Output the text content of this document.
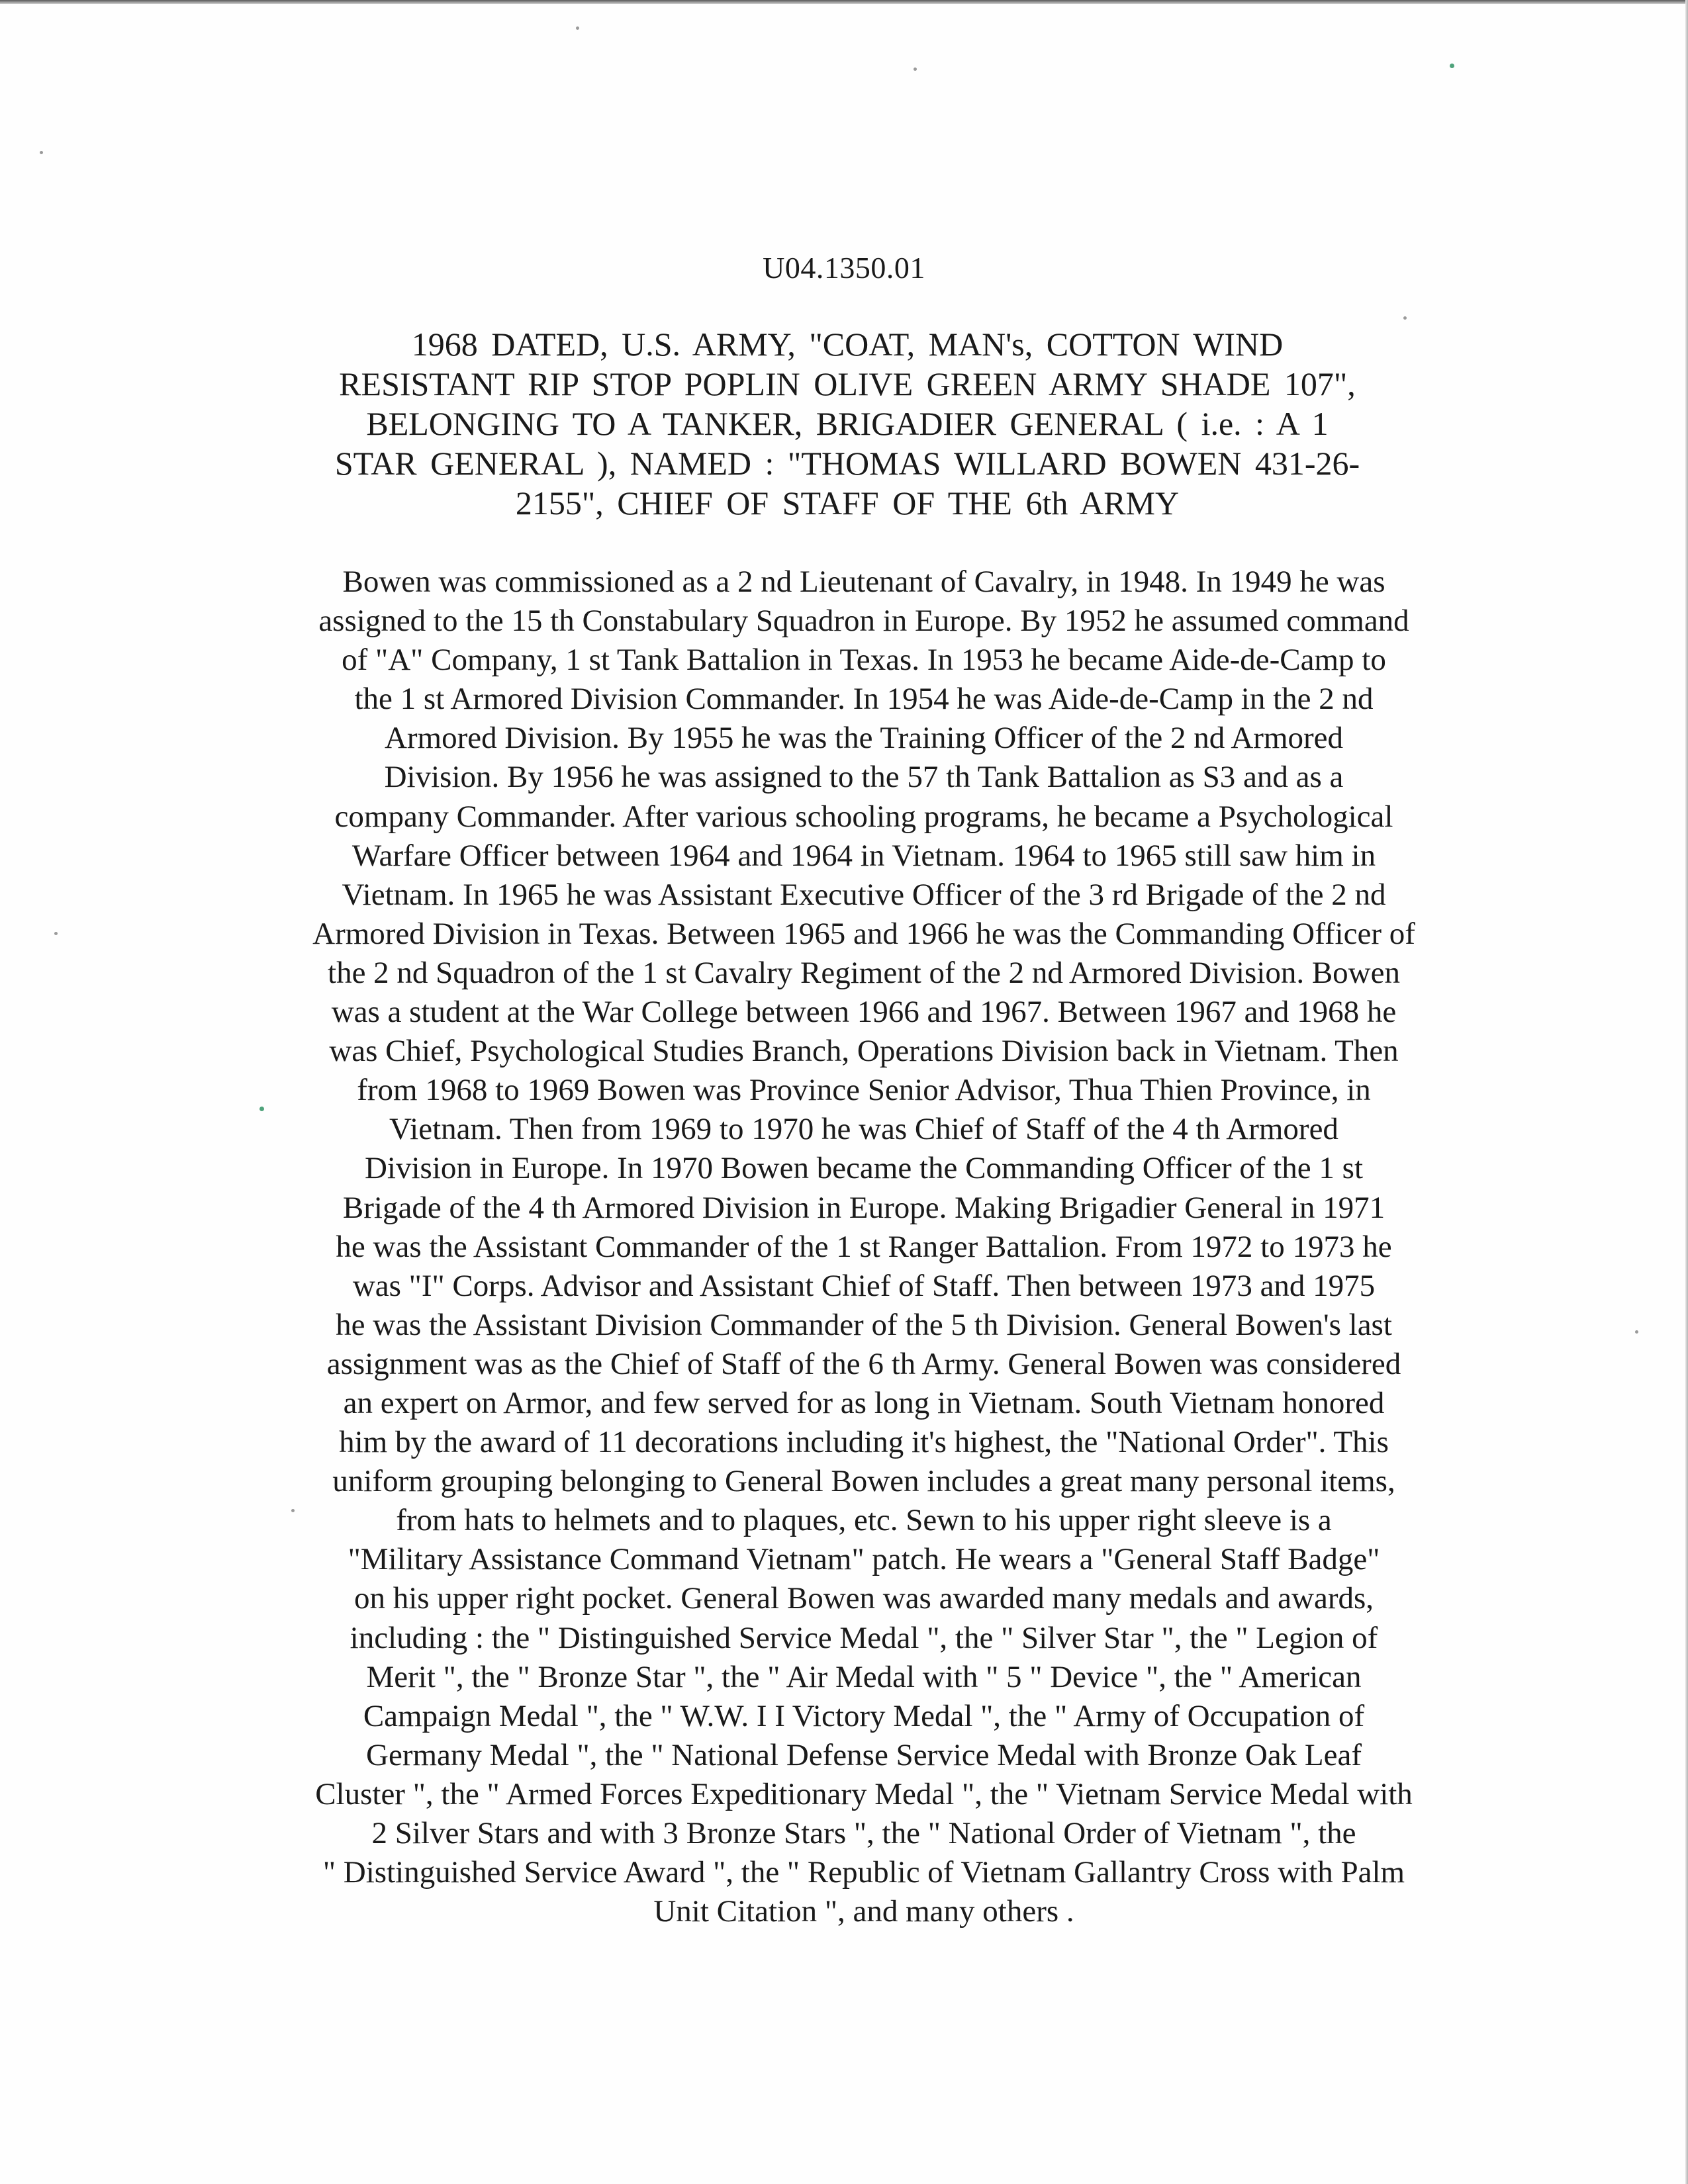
U04.1350.01
1968 DATED, U.S. ARMY, "COAT, MAN's, COTTON WIND
RESISTANT RIP STOP POPLIN OLIVE GREEN ARMY SHADE 107",
BELONGING TO A TANKER, BRIGADIER GENERAL ( i.e. : A 1
STAR GENERAL ), NAMED : "THOMAS WILLARD BOWEN 431-26-
2155", CHIEF OF STAFF OF THE 6th ARMY
Bowen was commissioned as a 2 nd Lieutenant of Cavalry, in 1948. In 1949 he was
assigned to the 15 th Constabulary Squadron in Europe. By 1952 he assumed command
of "A" Company, 1 st Tank Battalion in Texas. In 1953 he became Aide-de-Camp to
the 1 st Armored Division Commander. In 1954 he was Aide-de-Camp in the 2 nd
Armored Division. By 1955 he was the Training Officer of the 2 nd Armored
Division. By 1956 he was assigned to the 57 th Tank Battalion as S3 and as a
company Commander. After various schooling programs, he became a Psychological
Warfare Officer between 1964 and 1964 in Vietnam. 1964 to 1965 still saw him in
Vietnam. In 1965 he was Assistant Executive Officer of the 3 rd Brigade of the 2 nd
Armored Division in Texas. Between 1965 and 1966 he was the Commanding Officer of
the 2 nd Squadron of the 1 st Cavalry Regiment of the 2 nd Armored Division. Bowen
was a student at the War College between 1966 and 1967. Between 1967 and 1968 he
was Chief, Psychological Studies Branch, Operations Division back in Vietnam. Then
from 1968 to 1969 Bowen was Province Senior Advisor, Thua Thien Province, in
Vietnam. Then from 1969 to 1970 he was Chief of Staff of the 4 th Armored
Division in Europe. In 1970 Bowen became the Commanding Officer of the 1 st
Brigade of the 4 th Armored Division in Europe. Making Brigadier General in 1971
he was the Assistant Commander of the 1 st Ranger Battalion. From 1972 to 1973 he
was "I" Corps. Advisor and Assistant Chief of Staff. Then between 1973 and 1975
he was the Assistant Division Commander of the 5 th Division. General Bowen's last
assignment was as the Chief of Staff of the 6 th Army. General Bowen was considered
an expert on Armor, and few served for as long in Vietnam. South Vietnam honored
him by the award of 11 decorations including it's highest, the "National Order". This
uniform grouping belonging to General Bowen includes a great many personal items,
from hats to helmets and to plaques, etc. Sewn to his upper right sleeve is a
"Military Assistance Command Vietnam" patch. He wears a "General Staff Badge"
on his upper right pocket. General Bowen was awarded many medals and awards,
including : the " Distinguished Service Medal ", the " Silver Star ", the " Legion of
Merit ", the " Bronze Star ", the " Air Medal with " 5 " Device ", the " American
Campaign Medal ", the " W.W. I I Victory Medal ", the " Army of Occupation of
Germany Medal ", the " National Defense Service Medal with Bronze Oak Leaf
Cluster ", the " Armed Forces Expeditionary Medal ", the " Vietnam Service Medal with
2 Silver Stars and with 3 Bronze Stars ", the " National Order of Vietnam ", the
" Distinguished Service Award ", the " Republic of Vietnam Gallantry Cross with Palm
Unit Citation ", and many others .
